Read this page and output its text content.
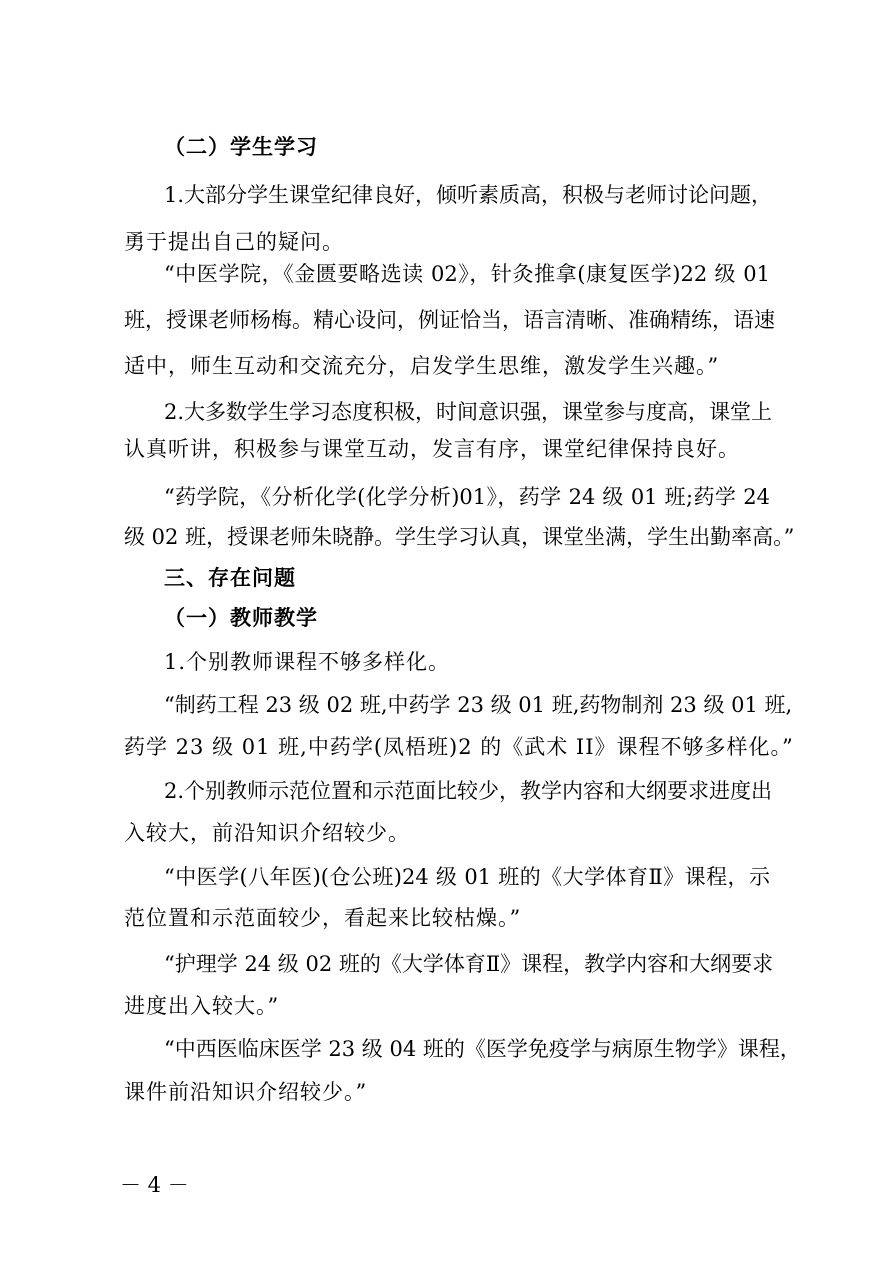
（二）学生学习
1.大部分学生课堂纪律良好，倾听素质高，积极与老师讨论问题，
勇于提出自己的疑问。
“中医学院，《金匮要略选读 02》，针灸推拿(康复医学)22 级 01
班，授课老师杨梅。精心设问，例证恰当，语言清晰、准确精练，语速
适中，师生互动和交流充分，启发学生思维，激发学生兴趣。”
2.大多数学生学习态度积极，时间意识强，课堂参与度高，课堂上
认真听讲，积极参与课堂互动，发言有序，课堂纪律保持良好。
“药学院，《分析化学(化学分析)01》，药学 24 级 01 班;药学 24
级 02 班，授课老师朱晓静。学生学习认真，课堂坐满，学生出勤率高。”
三、存在问题
（一）教师教学
1.个别教师课程不够多样化。
“制药工程 23 级 02 班,中药学 23 级 01 班,药物制剂 23 级 01 班,
药学 23 级 01 班,中药学(凤梧班)2 的《武术 II》课程不够多样化。”
2.个别教师示范位置和示范面比较少，教学内容和大纲要求进度出
入较大，前沿知识介绍较少。
“中医学(八年医)(仓公班)24 级 01 班的《大学体育Ⅱ》课程，示
范位置和示范面较少，看起来比较枯燥。”
“护理学 24 级 02 班的《大学体育Ⅱ》课程，教学内容和大纲要求
进度出入较大。”
“中西医临床医学 23 级 04 班的《医学免疫学与病原生物学》课程，
课件前沿知识介绍较少。”
－ 4 －
